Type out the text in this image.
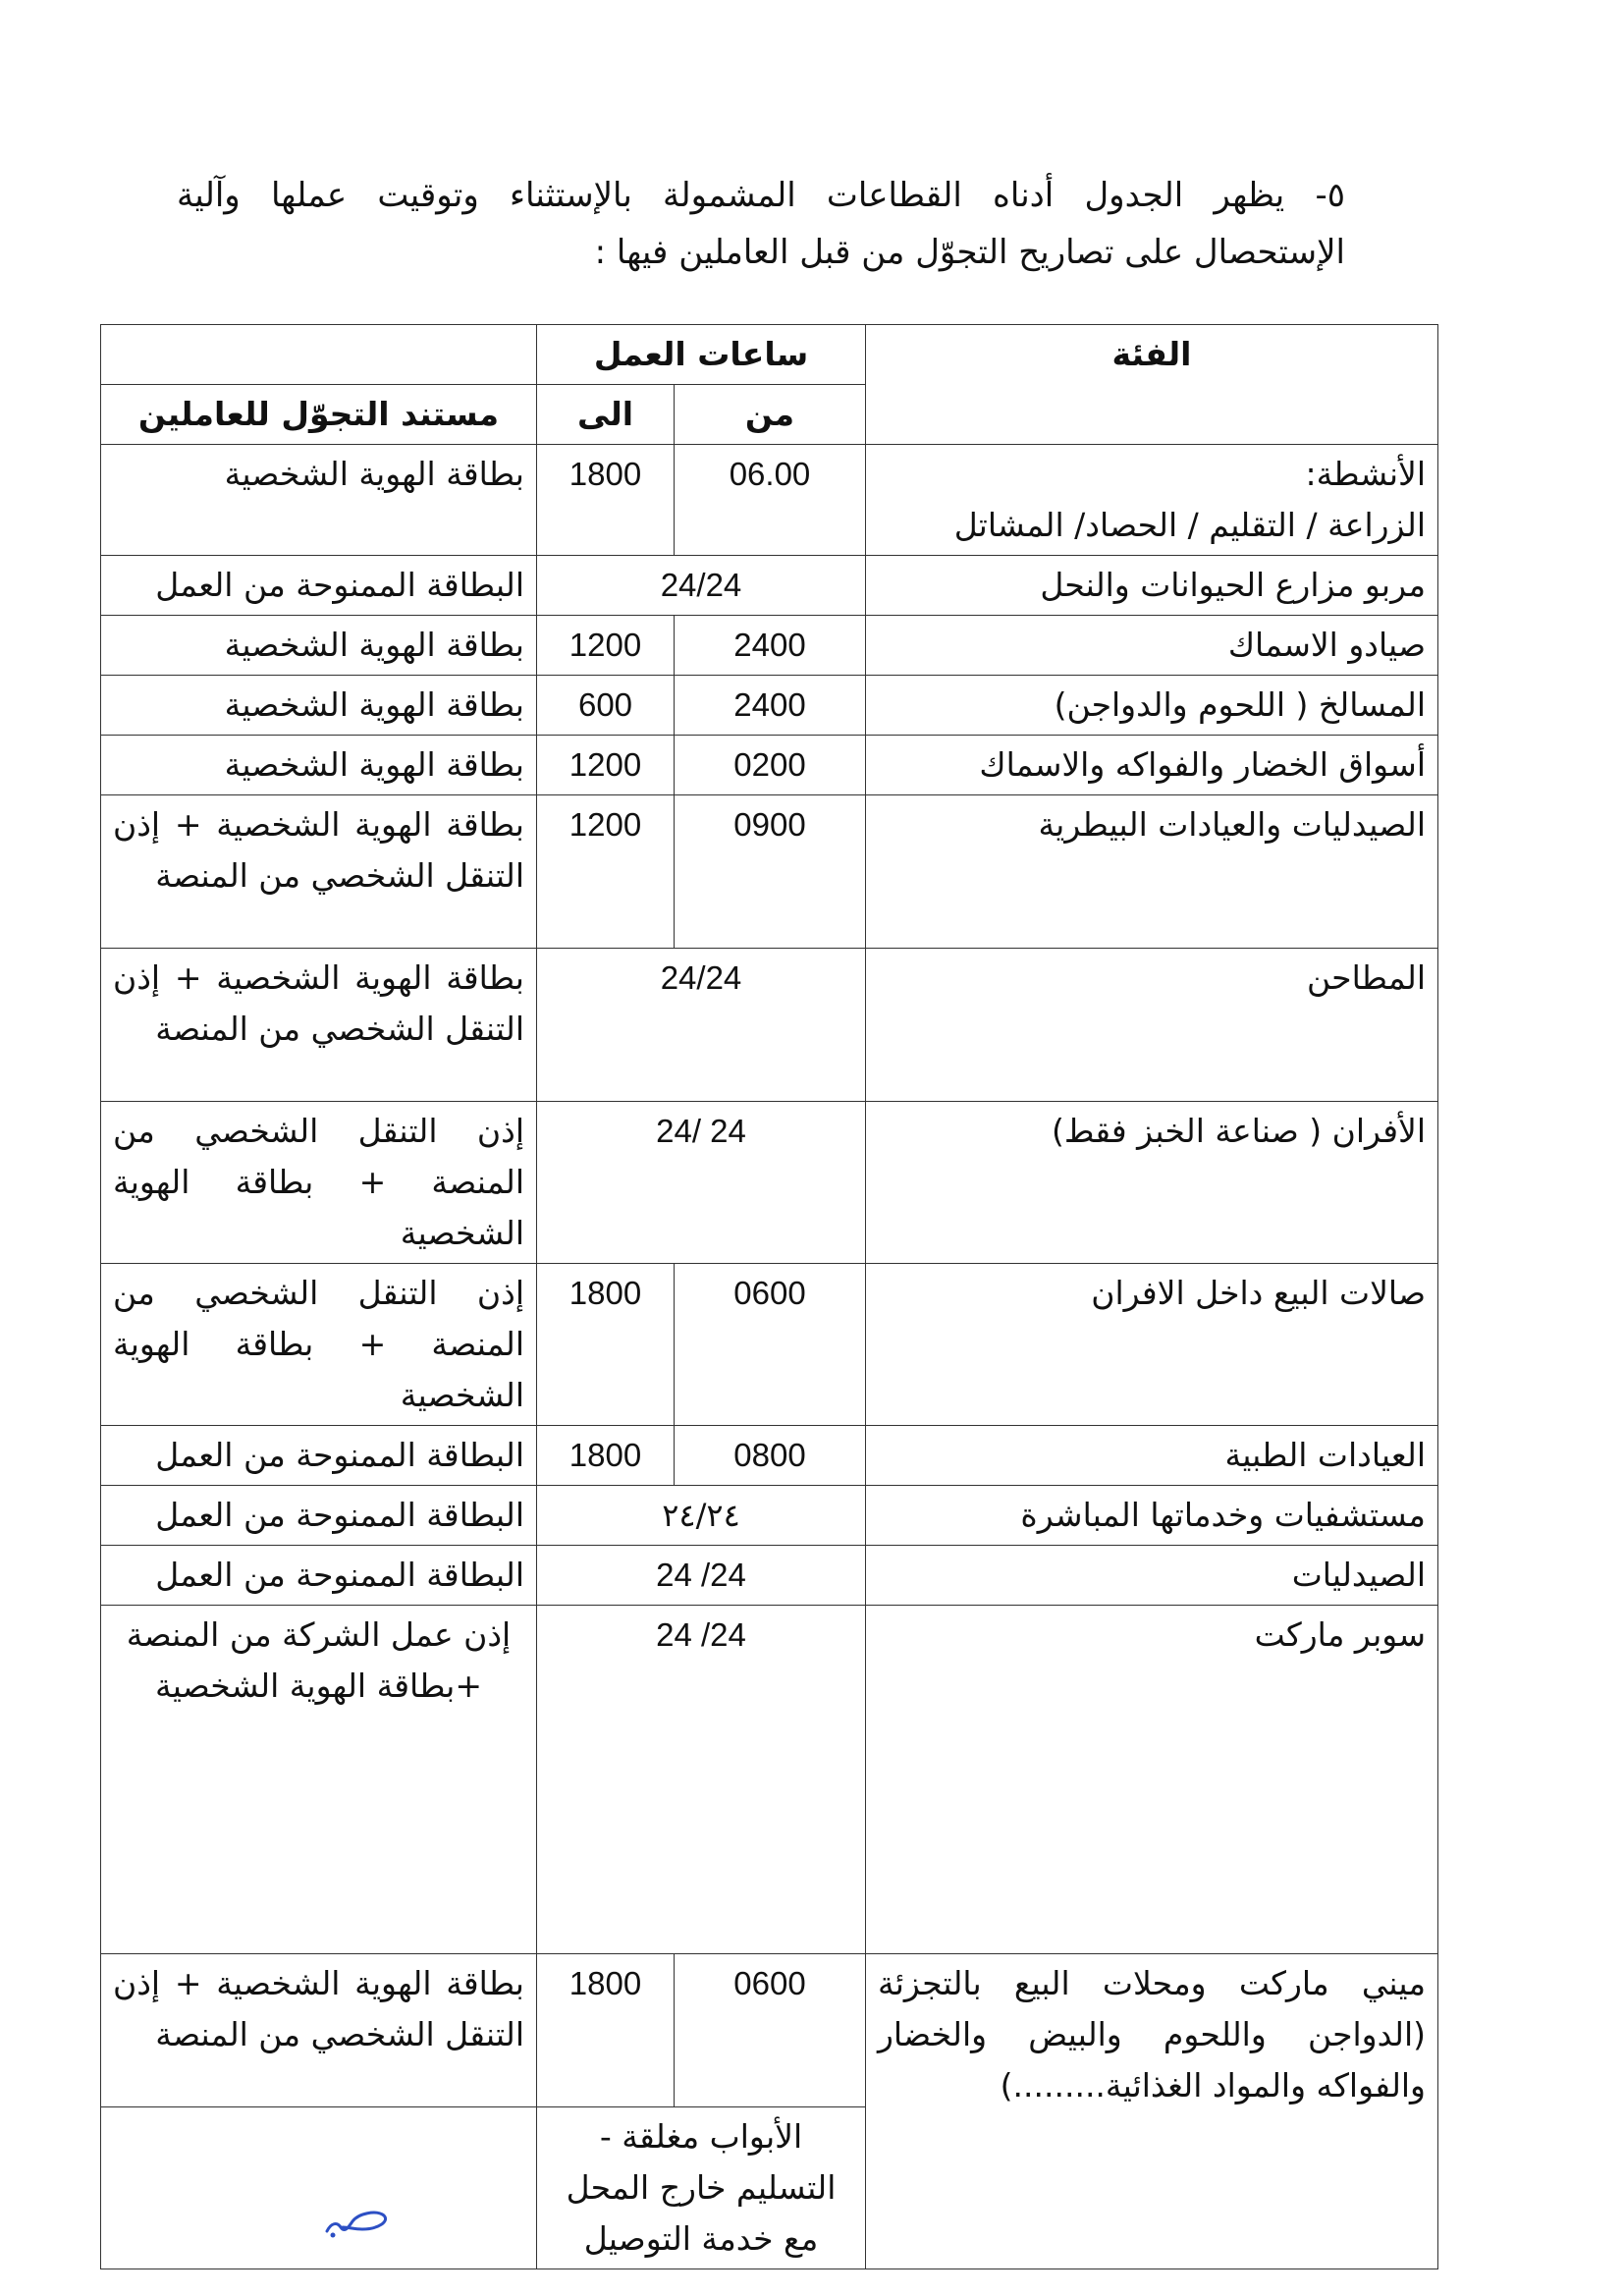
٥- يظهر الجدول أدناه القطاعات المشمولة بالإستثناء وتوقيت عملها وآلية
الإستحصال على تصاريح التجوّل من قبل العاملين فيها :
الفئة	ساعات العمل		
	من	الى	مستند التجوّل للعاملين
الأنشطة:
الزراعة / التقليم / الحصاد/ المشاتل	06.00	1800	بطاقة الهوية الشخصية
مربو مزارع الحيوانات والنحل	24/24		البطاقة الممنوحة من العمل
صيادو الاسماك	2400	1200	بطاقة الهوية الشخصية
المسالخ ( اللحوم والدواجن)	2400	600	بطاقة الهوية الشخصية
أسواق الخضار والفواكه والاسماك	0200	1200	بطاقة الهوية الشخصية
الصيدليات والعيادات البيطرية	0900	1200	بطاقة الهوية الشخصية + إذن التنقل الشخصي من المنصة
المطاحن	24/24		بطاقة الهوية الشخصية + إذن التنقل الشخصي من المنصة
الأفران ( صناعة الخبز فقط)	24 /24		إذن التنقل الشخصي من المنصة + بطاقة الهوية الشخصية
صالات البيع داخل الافران	0600	1800	إذن التنقل الشخصي من المنصة + بطاقة الهوية الشخصية
العيادات الطبية	0800	1800	البطاقة الممنوحة من العمل
مستشفيات وخدماتها المباشرة	٢٤/٢٤		البطاقة الممنوحة من العمل
الصيدليات	24/ 24		البطاقة الممنوحة من العمل
سوبر ماركت	24/ 24		إذن عمل الشركة من المنصة
+بطاقة الهوية الشخصية
ميني ماركت ومحلات البيع بالتجزئة (الدواجن واللحوم والبيض والخضار والفواكه والمواد الغذائية.........)	0600	1800	بطاقة الهوية الشخصية + إذن التنقل الشخصي من المنصة
	الأبواب مغلقة -
التسليم خارج المحل
مع خدمة التوصيل		
